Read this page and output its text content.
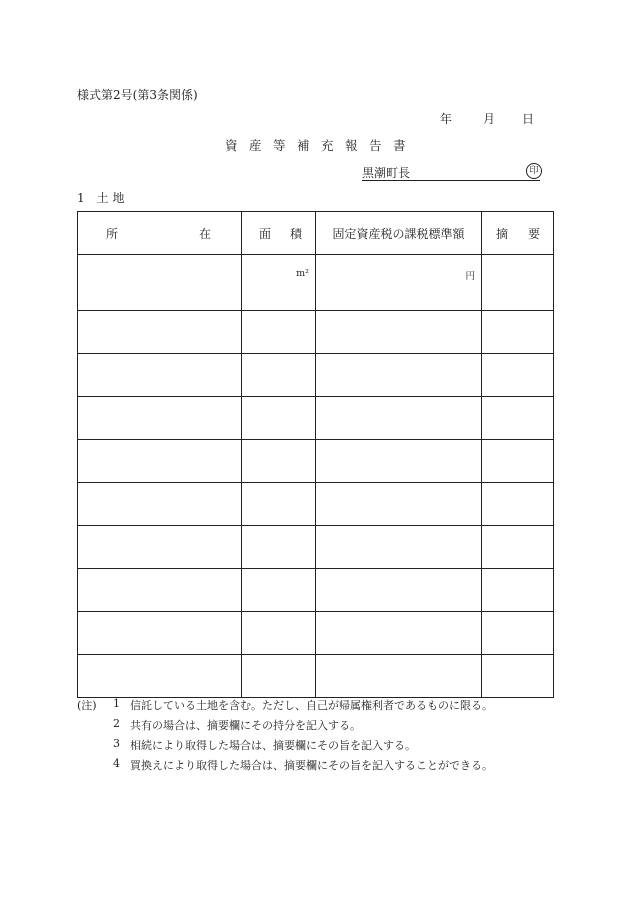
様式第2号(第3条関係)
年	月 日
資産等補充報告書
黒潮町長	印
1 土 地
所 在	面 積	固定資産税の課税標準額	摘 要

	m²	円	

(注) 1 信託している土地を含む。ただし、自己が帰属権利者であるものに限る。
2 共有の場合は、摘要欄にその持分を記入する。
3 相続により取得した場合は、摘要欄にその旨を記入する。
4 買換えにより取得した場合は、摘要欄にその旨を記入することができる。
